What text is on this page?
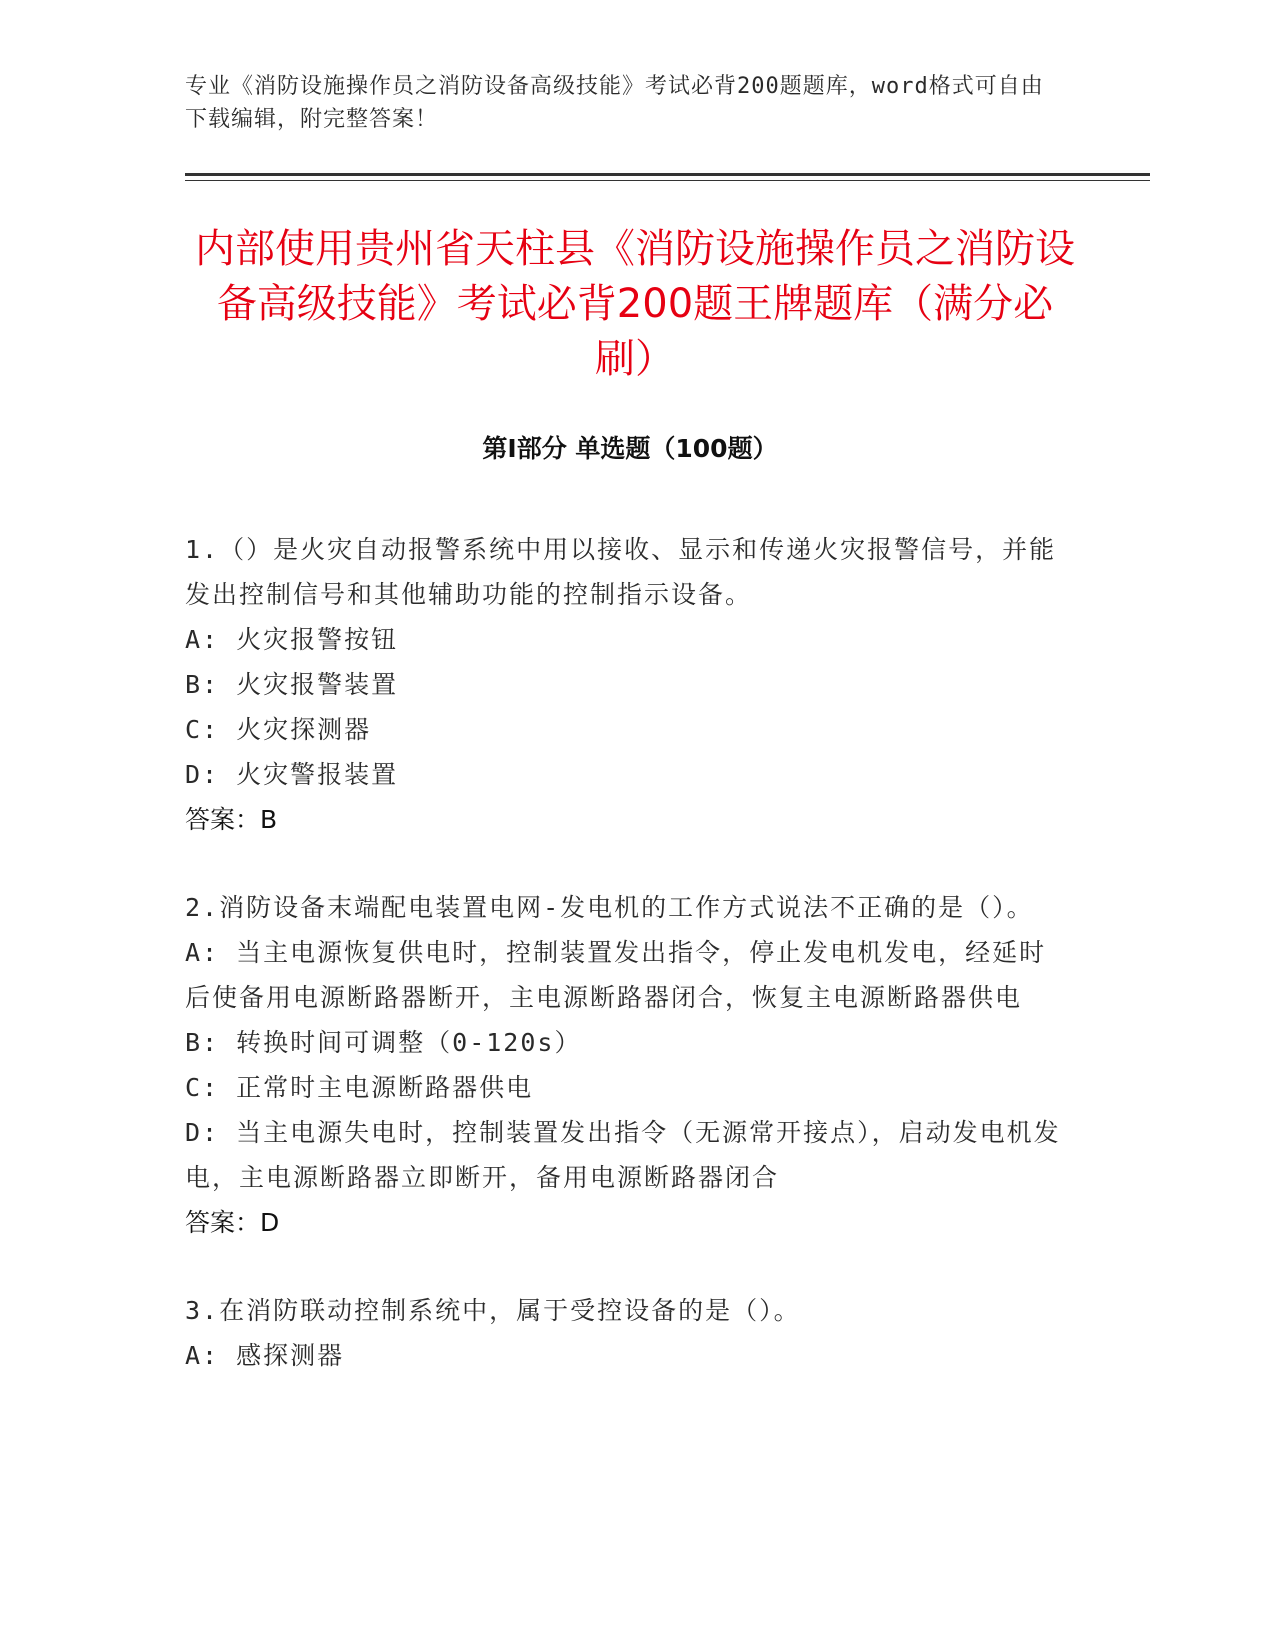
专业《消防设施操作员之消防设备高级技能》考试必背200题题库，word格式可自由下载编辑，附完整答案！
内部使用贵州省天柱县《消防设施操作员之消防设备高级技能》考试必背200题王牌题库（满分必刷）
第I部分 单选题（100题）
1.（）是火灾自动报警系统中用以接收、显示和传递火灾报警信号，并能发出控制信号和其他辅助功能的控制指示设备。
A: 火灾报警按钮
B: 火灾报警装置
C: 火灾探测器
D: 火灾警报装置
答案：B
2.消防设备末端配电装置电网-发电机的工作方式说法不正确的是（）。
A: 当主电源恢复供电时，控制装置发出指令，停止发电机发电，经延时后使备用电源断路器断开，主电源断路器闭合，恢复主电源断路器供电
B: 转换时间可调整（0-120s）
C: 正常时主电源断路器供电
D: 当主电源失电时，控制装置发出指令（无源常开接点），启动发电机发电，主电源断路器立即断开，备用电源断路器闭合
答案：D
3.在消防联动控制系统中，属于受控设备的是（）。
A: 感探测器
